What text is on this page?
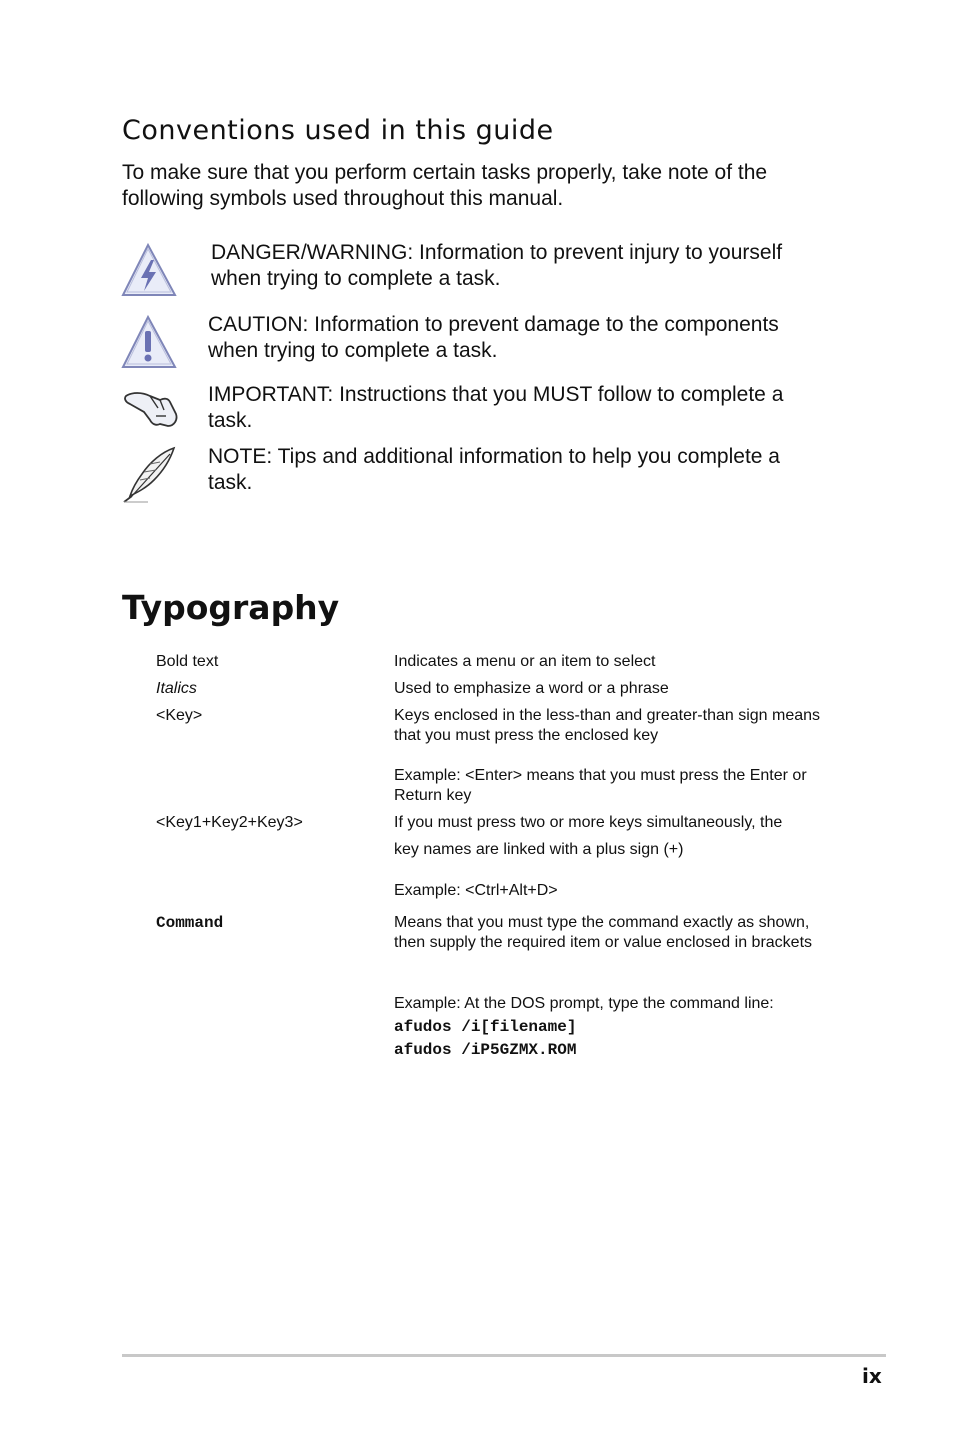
Conventions used in this guide
To make sure that you perform certain tasks properly, take note of the following symbols used throughout this manual.
DANGER/WARNING: Information to prevent injury to yourself when trying to complete a task.
CAUTION: Information to prevent damage to the components when trying to complete a task.
IMPORTANT: Instructions that you MUST follow to complete a task.
NOTE: Tips and additional information to help you complete a task.
Typography
Bold text	Indicates a menu or an item to select
Italics	Used to emphasize a word or a phrase
<Key>	Keys enclosed in the less-than and greater-than sign means that you must press the enclosed key
Example: <Enter> means that you must press the Enter or Return key
<Key1+Key2+Key3>	If you must press two or more keys simultaneously, the
key names are linked with a plus sign (+)
Example: <Ctrl+Alt+D>
Command	Means that you must type the command exactly as shown, then supply the required item or value enclosed in brackets
Example: At the DOS prompt, type the command line:
afudos /i[filename]
afudos /iP5GZMX.ROM
ix
